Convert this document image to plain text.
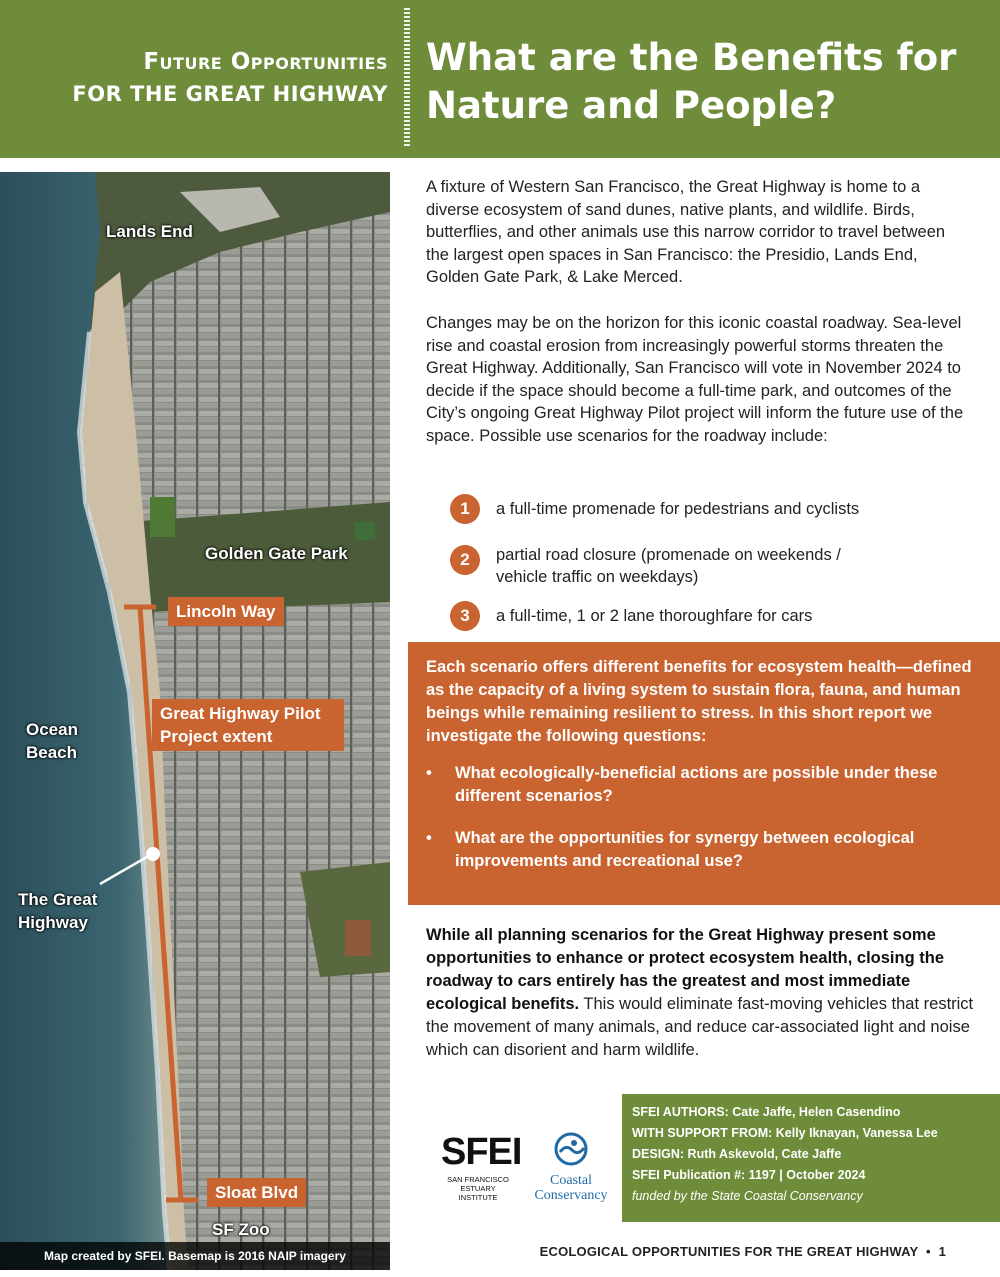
Future Opportunities
FOR THE GREAT HIGHWAY
What are the Benefits for Nature and People?
Lands End
Golden Gate Park
Ocean Beach
The Great Highway
SF Zoo
Lincoln Way
Great Highway Pilot Project extent
Sloat Blvd
Map created by SFEI. Basemap is 2016 NAIP imagery

A fixture of Western San Francisco, the Great Highway is home to a diverse ecosystem of sand dunes, native plants, and wildlife. Birds, butterflies, and other animals use this narrow corridor to travel between the largest open spaces in San Francisco: the Presidio, Lands End, Golden Gate Park, & Lake Merced.

Changes may be on the horizon for this iconic coastal roadway. Sea-level rise and coastal erosion from increasingly powerful storms threaten the Great Highway. Additionally, San Francisco will vote in November 2024 to decide if the space should become a full-time park, and outcomes of the City’s ongoing Great Highway Pilot project will inform the future use of the space. Possible use scenarios for the roadway include:

1	a full-time promenade for pedestrians and cyclists
2	partial road closure (promenade on weekends / vehicle traffic on weekdays)
3	a full-time, 1 or 2 lane thoroughfare for cars

Each scenario offers different benefits for ecosystem health—defined as the capacity of a living system to sustain flora, fauna, and human beings while remaining resilient to stress. In this short report we investigate the following questions:

• What ecologically-beneficial actions are possible under these different scenarios?
• What are the opportunities for synergy between ecological improvements and recreational use?

While all planning scenarios for the Great Highway present some opportunities to enhance or protect ecosystem health, closing the roadway to cars entirely has the greatest and most immediate ecological benefits. This would eliminate fast-moving vehicles that restrict the movement of many animals, and reduce car-associated light and noise which can disorient and harm wildlife.

SFEI
SAN FRANCISCO ESTUARY INSTITUTE
Coastal Conservancy
SFEI AUTHORS: Cate Jaffe, Helen Casendino
WITH SUPPORT FROM: Kelly Iknayan, Vanessa Lee
DESIGN: Ruth Askevold, Cate Jaffe
SFEI Publication #: 1197 | October 2024
funded by the State Coastal Conservancy
ECOLOGICAL OPPORTUNITIES FOR THE GREAT HIGHWAY • 1
